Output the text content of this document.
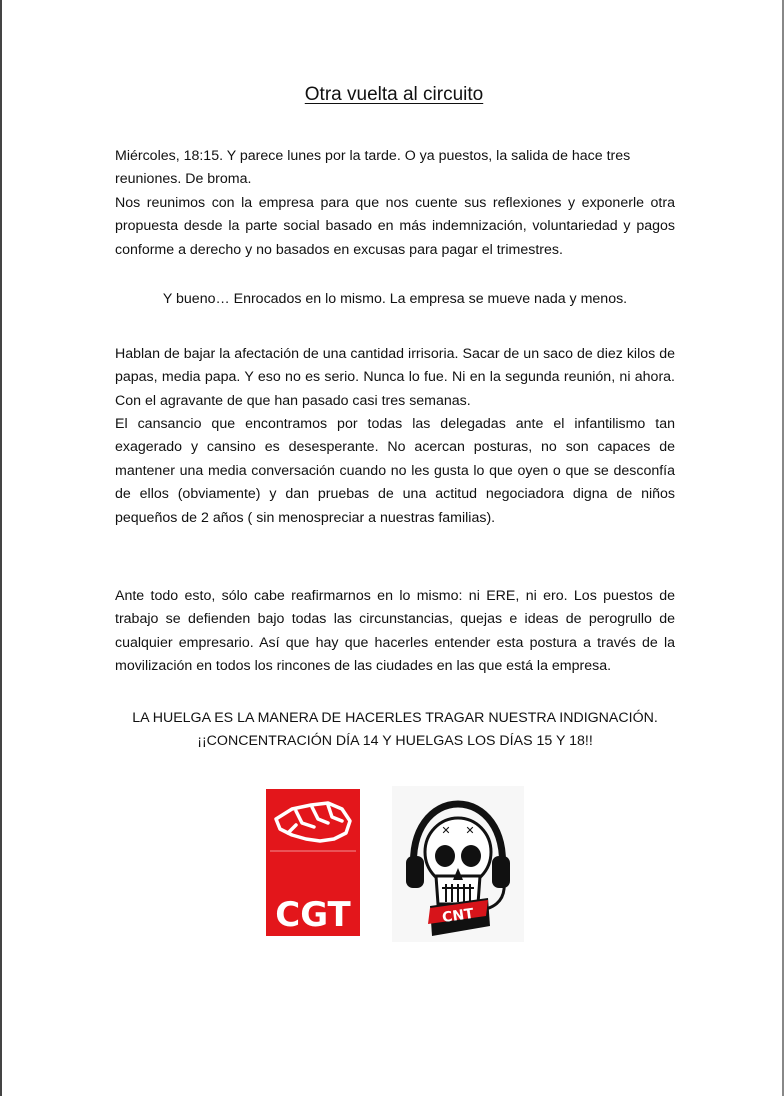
Otra vuelta al circuito
Miércoles, 18:15. Y parece lunes por la tarde. O ya puestos, la salida de hace tres
reuniones. De broma.

Nos reunimos con la empresa para que nos cuente sus reflexiones y exponerle otra propuesta desde la parte social basado en más indemnización, voluntariedad y pagos conforme a derecho y no basados en excusas para pagar el trimestres.

Y bueno… Enrocados en lo mismo. La empresa se mueve nada y menos.

Hablan de bajar la afectación de una cantidad irrisoria. Sacar de un saco de diez kilos de papas, media papa. Y eso no es serio. Nunca lo fue. Ni en la segunda reunión, ni ahora. Con el agravante de que han pasado casi tres semanas.

El cansancio que encontramos por todas las delegadas ante el infantilismo tan exagerado y cansino es desesperante. No acercan posturas, no son capaces de mantener una media conversación cuando no les gusta lo que oyen o que se desconfía de ellos (obviamente) y dan pruebas de una actitud negociadora digna de niños pequeños de 2 años ( sin menospreciar a nuestras familias).

Ante todo esto, sólo cabe reafirmarnos en lo mismo: ni ERE, ni ero. Los puestos de trabajo se defienden bajo todas las circunstancias, quejas e ideas de perogrullo de cualquier empresario. Así que hay que hacerles entender esta postura a través de la movilización en todos los rincones de las ciudades en las que está la empresa.

LA HUELGA ES LA MANERA DE HACERLES TRAGAR NUESTRA INDIGNACIÓN.
¡¡CONCENTRACIÓN DÍA 14 Y HUELGAS LOS DÍAS 15 Y 18!!
CGT
✕ ✕
CNT
